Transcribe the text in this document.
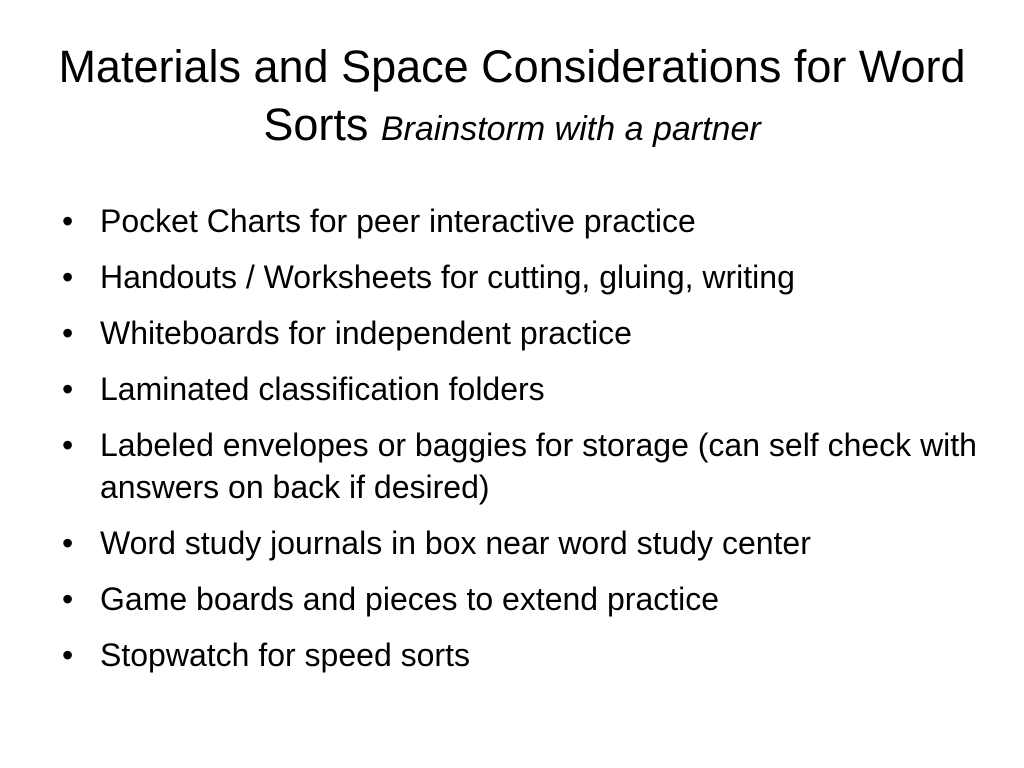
Materials and Space Considerations for Word Sorts Brainstorm with a partner
• Pocket Charts for peer interactive practice
• Handouts / Worksheets for cutting, gluing, writing
• Whiteboards for independent practice
• Laminated classification folders
• Labeled envelopes or baggies for storage (can self check with answers on back if desired)
• Word study journals in box near word study center
• Game boards and pieces to extend practice
• Stopwatch for speed sorts
